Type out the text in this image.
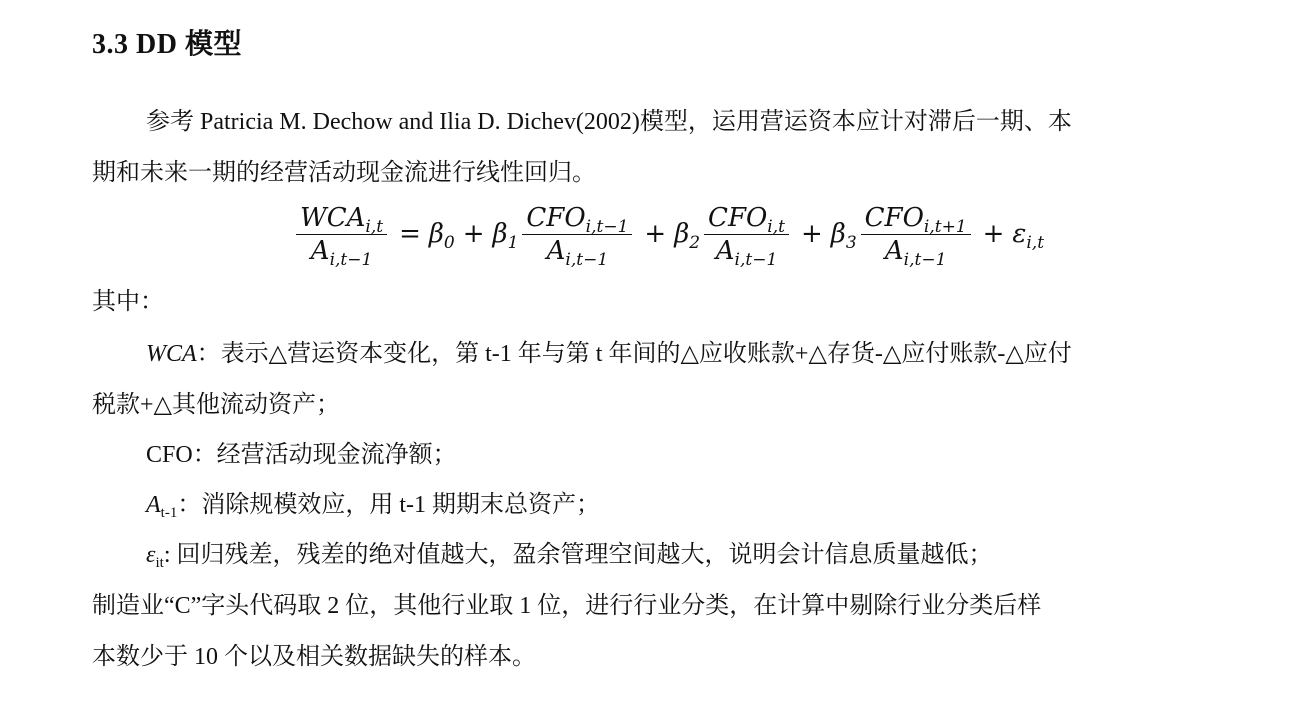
3.3 DD 模型
参考 Patricia M. Dechow and Ilia D. Dichev(2002)模型，运用营运资本应计对滞后一期、本
期和未来一期的经营活动现金流进行线性回归。
$\frac{WCA_{i,t}}{A_{i,t-1}} = \beta_0 + \beta_1 \frac{CFO_{i,t-1}}{A_{i,t-1}} + \beta_2 \frac{CFO_{i,t}}{A_{i,t-1}} + \beta_3 \frac{CFO_{i,t+1}}{A_{i,t-1}} + \varepsilon_{i,t}$
其中：
WCA：表示△营运资本变化，第 t-1 年与第 t 年间的△应收账款+△存货-△应付账款-△应付
税款+△其他流动资产；
CFO：经营活动现金流净额；
$A_{t-1}$：消除规模效应，用 t-1 期期末总资产；
$\varepsilon_{it}$: 回归残差，残差的绝对值越大，盈余管理空间越大，说明会计信息质量越低；
制造业“C”字头代码取 2 位，其他行业取 1 位，进行行业分类，在计算中剔除行业分类后样
本数少于 10 个以及相关数据缺失的样本。
